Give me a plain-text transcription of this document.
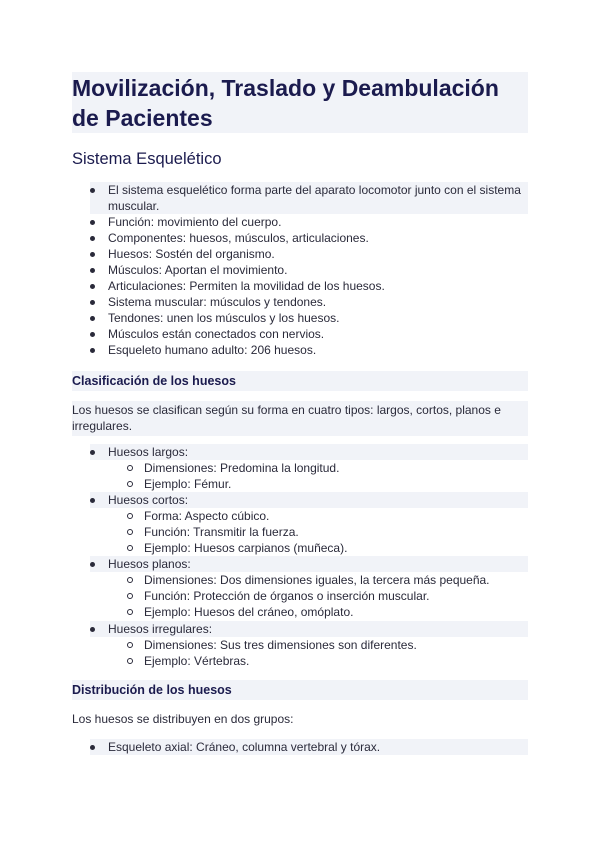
Movilización, Traslado y Deambulación de Pacientes
Sistema Esquelético
El sistema esquelético forma parte del aparato locomotor junto con el sistema muscular.
Función: movimiento del cuerpo.
Componentes: huesos, músculos, articulaciones.
Huesos: Sostén del organismo.
Músculos: Aportan el movimiento.
Articulaciones: Permiten la movilidad de los huesos.
Sistema muscular: músculos y tendones.
Tendones: unen los músculos y los huesos.
Músculos están conectados con nervios.
Esqueleto humano adulto: 206 huesos.
Clasificación de los huesos

Los huesos se clasifican según su forma en cuatro tipos: largos, cortos, planos e irregulares.

Huesos largos:
Dimensiones: Predomina la longitud.
Ejemplo: Fémur.
Huesos cortos:
Forma: Aspecto cúbico.
Función: Transmitir la fuerza.
Ejemplo: Huesos carpianos (muñeca).
Huesos planos:
Dimensiones: Dos dimensiones iguales, la tercera más pequeña.
Función: Protección de órganos o inserción muscular.
Ejemplo: Huesos del cráneo, omóplato.
Huesos irregulares:
Dimensiones: Sus tres dimensiones son diferentes.
Ejemplo: Vértebras.
Distribución de los huesos

Los huesos se distribuyen en dos grupos:

Esqueleto axial: Cráneo, columna vertebral y tórax.
